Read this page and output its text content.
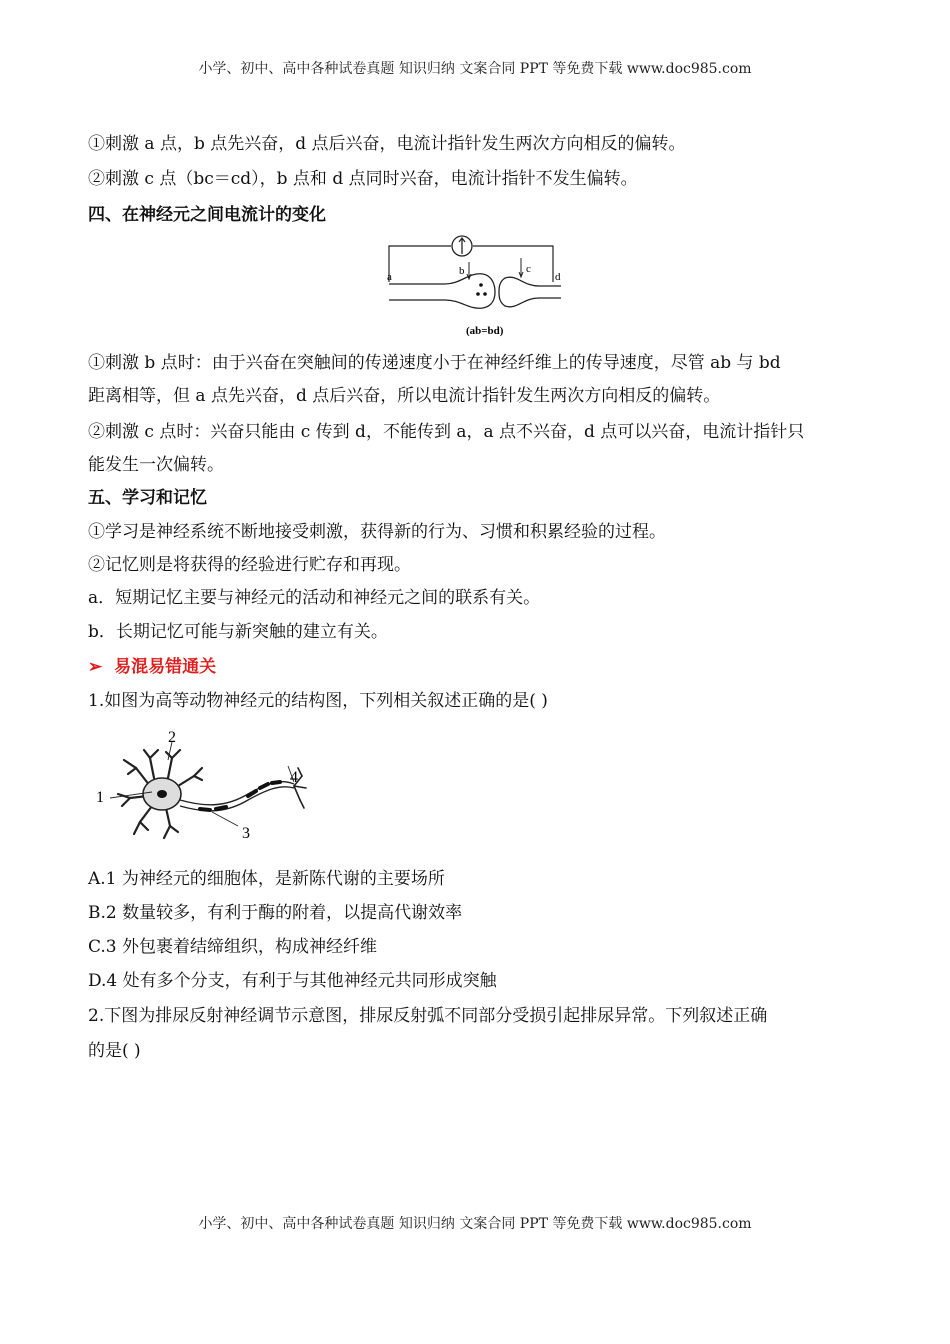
小学、初中、高中各种试卷真题 知识归纳 文案合同 PPT 等免费下载 www.doc985.com
①刺激 a 点，b 点先兴奋，d 点后兴奋，电流计指针发生两次方向相反的偏转。
②刺激 c 点（bc＝cd），b 点和 d 点同时兴奋，电流计指针不发生偏转。
四、在神经元之间电流计的变化
a	b	c
d
(ab=bd)
①刺激 b 点时：由于兴奋在突触间的传递速度小于在神经纤维上的传导速度，尽管 ab 与 bd
距离相等，但 a 点先兴奋，d 点后兴奋，所以电流计指针发生两次方向相反的偏转。
②刺激 c 点时：兴奋只能由 c 传到 d，不能传到 a，a 点不兴奋，d 点可以兴奋，电流计指针只
能发生一次偏转。
五、学习和记忆
①学习是神经系统不断地接受刺激，获得新的行为、习惯和积累经验的过程。
②记忆则是将获得的经验进行贮存和再现。
a．短期记忆主要与神经元的活动和神经元之间的联系有关。
b．长期记忆可能与新突触的建立有关。
➢ 易混易错通关
1.如图为高等动物神经元的结构图，下列相关叙述正确的是( )
1
2
3
4
A.1 为神经元的细胞体，是新陈代谢的主要场所
B.2 数量较多，有利于酶的附着，以提高代谢效率
C.3 外包裹着结缔组织，构成神经纤维
D.4 处有多个分支，有利于与其他神经元共同形成突触
2.下图为排尿反射神经调节示意图，排尿反射弧不同部分受损引起排尿异常。下列叙述正确
的是( )
小学、初中、高中各种试卷真题 知识归纳 文案合同 PPT 等免费下载 www.doc985.com
